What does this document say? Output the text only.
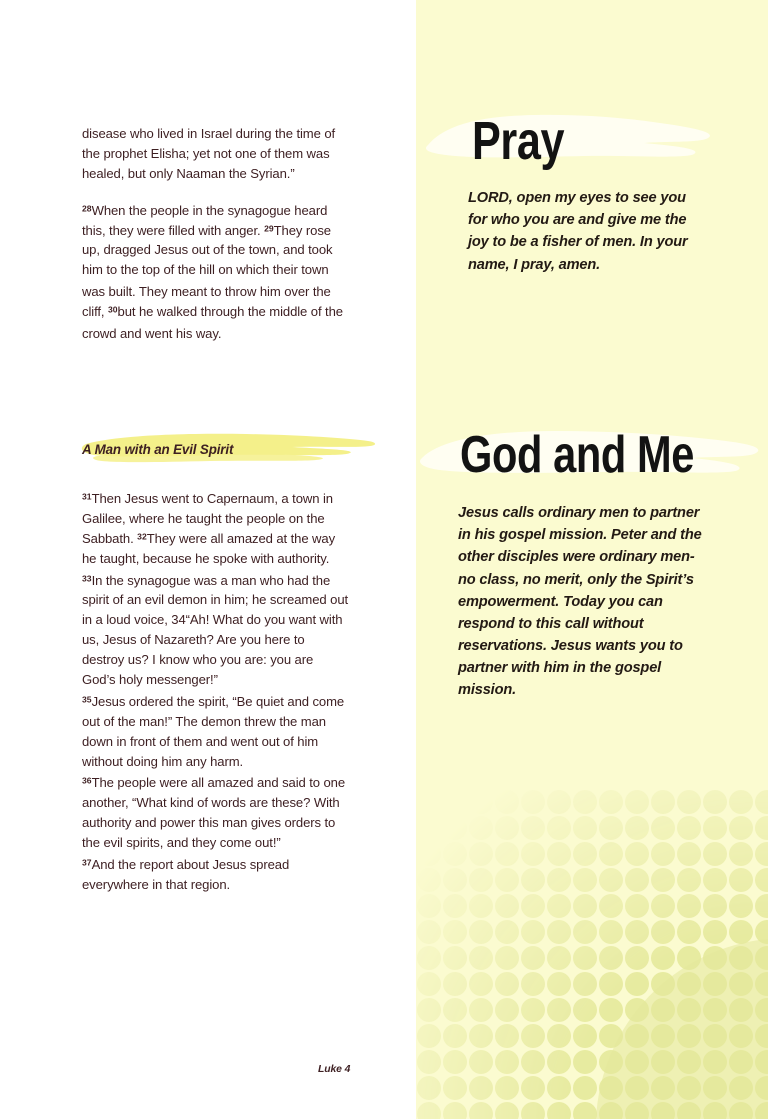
Pray
LORD, open my eyes to see you for who you are and give me the joy to be a fisher of men. In your name, I pray, amen.
God and Me
Jesus calls ordinary men to partner in his gospel mission. Peter and the other disciples were ordinary men- no class, no merit, only the Spirit’s empowerment. Today you can respond to this call without reservations. Jesus wants you to partner with him in the gospel mission.

disease who lived in Israel during the time of the prophet Elisha; yet not one of them was healed, but only Naaman the Syrian.”

$^{28}$When the people in the synagogue heard this, they were filled with anger. $^{29}$They rose up, dragged Jesus out of the town, and took him to the top of the hill on which their town

was built. They meant to throw him over the cliff, $^{30}$but he walked through the middle of the

crowd and went his way.

A Man with an Evil Spirit

$^{31}$Then Jesus went to Capernaum, a town in Galilee, where he taught the people on the Sabbath. $^{32}$They were all amazed at the way he taught, because he spoke with authority.

$^{33}$In the synagogue was a man who had the spirit of an evil demon in him; he screamed out in a loud voice, 34“Ah! What do you want with us, Jesus of Nazareth? Are you here to destroy us? I know who you are: you are God’s holy messenger!”

$^{35}$Jesus ordered the spirit, “Be quiet and come out of the man!” The demon threw the man down in front of them and went out of him without doing him any harm.

$^{36}$The people were all amazed and said to one another, “What kind of words are these? With authority and power this man gives orders to the evil spirits, and they come out!”

$^{37}$And the report about Jesus spread everywhere in that region.

Luke 4
